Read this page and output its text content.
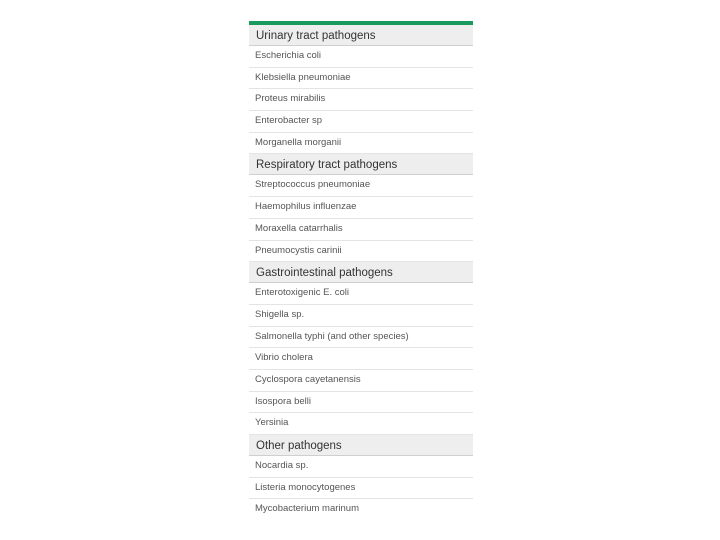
Urinary tract pathogens
Escherichia coli
Klebsiella pneumoniae
Proteus mirabilis
Enterobacter sp
Morganella morganii
Respiratory tract pathogens
Streptococcus pneumoniae
Haemophilus influenzae
Moraxella catarrhalis
Pneumocystis carinii
Gastrointestinal pathogens
Enterotoxigenic E. coli
Shigella sp.
Salmonella typhi (and other species)
Vibrio cholera
Cyclospora cayetanensis
Isospora belli
Yersinia
Other pathogens
Nocardia sp.
Listeria monocytogenes
Mycobacterium marinum
